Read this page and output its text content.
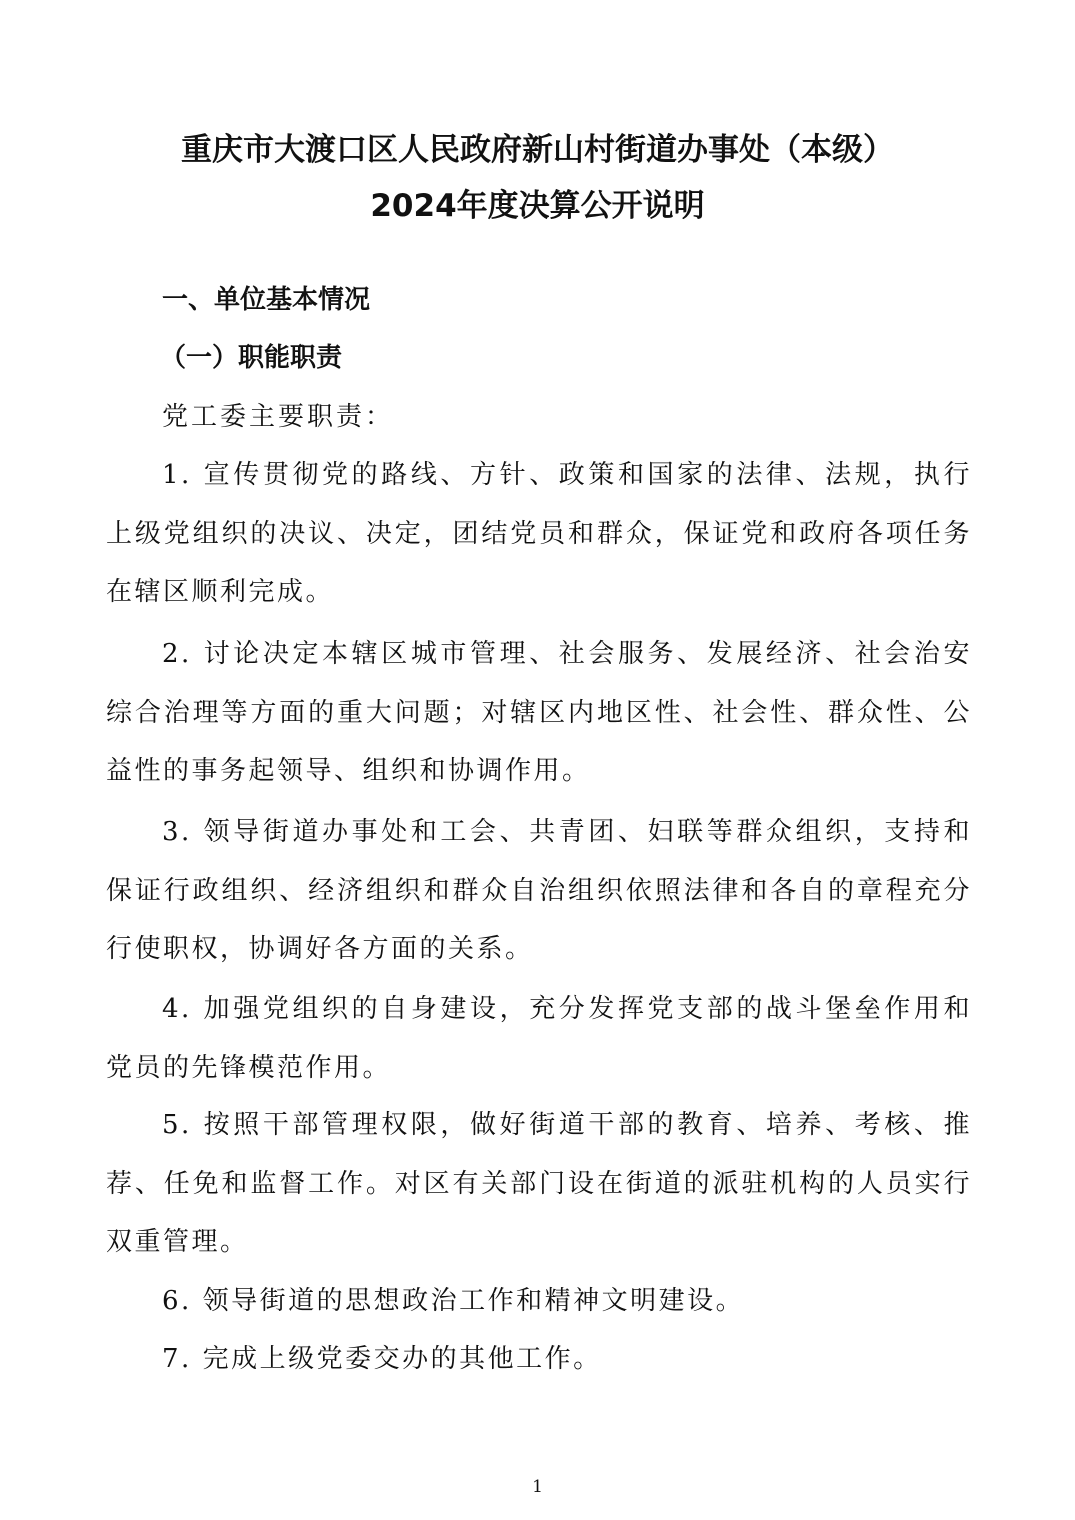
重庆市大渡口区人民政府新山村街道办事处（本级）
2024年度决算公开说明
一、单位基本情况
（一）职能职责
党工委主要职责：
1. 宣传贯彻党的路线、方针、政策和国家的法律、法规，执行上级党组织的决议、决定，团结党员和群众，保证党和政府各项任务在辖区顺利完成。
2. 讨论决定本辖区城市管理、社会服务、发展经济、社会治安综合治理等方面的重大问题；对辖区内地区性、社会性、群众性、公益性的事务起领导、组织和协调作用。
3. 领导街道办事处和工会、共青团、妇联等群众组织，支持和保证行政组织、经济组织和群众自治组织依照法律和各自的章程充分行使职权，协调好各方面的关系。
4. 加强党组织的自身建设，充分发挥党支部的战斗堡垒作用和党员的先锋模范作用。
5. 按照干部管理权限，做好街道干部的教育、培养、考核、推荐、任免和监督工作。对区有关部门设在街道的派驻机构的人员实行双重管理。
6. 领导街道的思想政治工作和精神文明建设。
7. 完成上级党委交办的其他工作。
1
